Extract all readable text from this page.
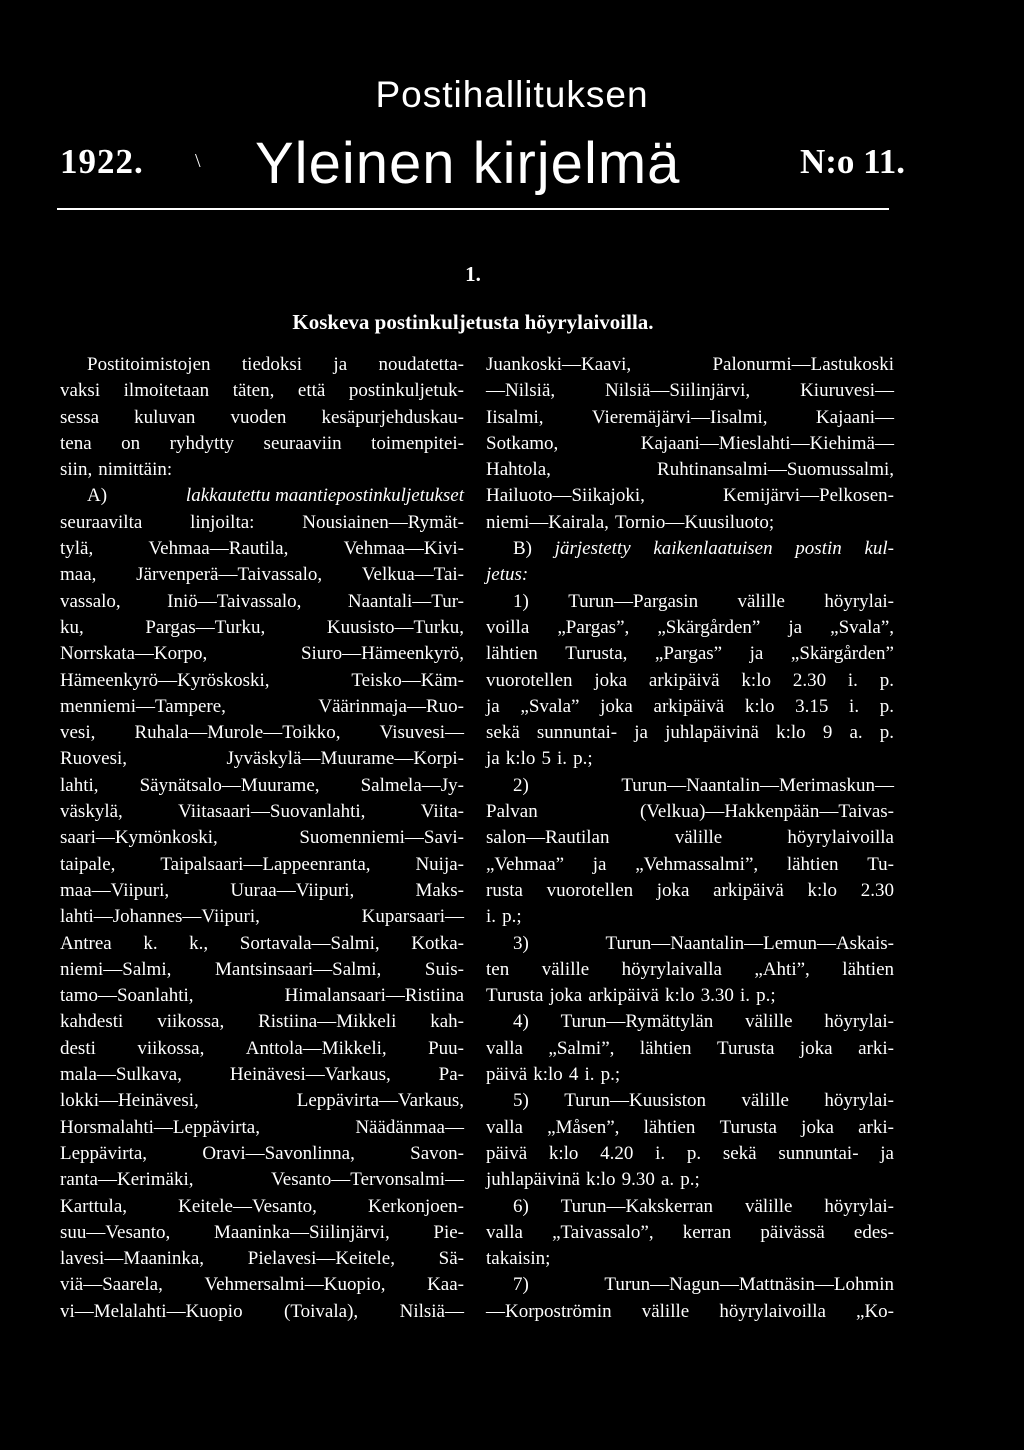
Postihallituksen
1922.	\ Yleinen kirjelmä	N:o 11.
1.
Koskeva postinkuljetusta höyrylaivoilla.
Postitoimistojen tiedoksi ja noudatetta-
vaksi ilmoitetaan täten, että postinkuljetuk-
sessa kuluvan vuoden kesäpurjehduskau-
tena on ryhdytty seuraaviin toimenpitei-
siin, nimittäin:
A)	lakkautettu maantiepostinkuljetukset
seuraavilta	linjoilta:	Nousiainen—Rymät-
tylä,	Vehmaa—Rautila,	Vehmaa—Kivi-
maa, Järvenperä—Taivassalo, Velkua—Tai-
vassalo, Iniö—Taivassalo, Naantali—Tur-
ku,	Pargas—Turku,	Kuusisto—Turku,
Norrskata—Korpo,	Siuro—Hämeenkyrö,
Hämeenkyrö—Kyröskoski,	Teisko—Käm-
menniemi—Tampere,	Väärinmaja—Ruo-
vesi, Ruhala—Murole—Toikko, Visuvesi—
Ruovesi,	Jyväskylä—Muurame—Korpi-
lahti, Säynätsalo—Muurame, Salmela—Jy-
väskylä,	Viitasaari—Suovanlahti,	Viita-
saari—Kymönkoski,	Suomenniemi—Savi-
taipale, Taipalsaari—Lappeenranta, Nuija-
maa—Viipuri,	Uuraa—Viipuri,	Maks-
lahti—Johannes—Viipuri,	Kuparsaari—
Antrea k. k., Sortavala—Salmi, Kotka-
niemi—Salmi, Mantsinsaari—Salmi, Suis-
tamo—Soanlahti,	Himalansaari—Ristiina
kahdesti viikossa, Ristiina—Mikkeli kah-
desti viikossa, Anttola—Mikkeli, Puu-
mala—Sulkava,	Heinävesi—Varkaus,	Pa-
lokki—Heinävesi,	Leppävirta—Varkaus,
Horsmalahti—Leppävirta,	Näädänmaa—
Leppävirta,	Oravi—Savonlinna,	Savon-
ranta—Kerimäki,	Vesanto—Tervonsalmi—
Karttula,	Keitele—Vesanto,	Kerkonjoen-
suu—Vesanto, Maaninka—Siilinjärvi, Pie-
lavesi—Maaninka, Pielavesi—Keitele, Sä-
viä—Saarela, Vehmersalmi—Kuopio, Kaa-
vi—Melalahti—Kuopio (Toivala), Nilsiä—
Juankoski—Kaavi,	Palonurmi—Lastukoski
—Nilsiä,	Nilsiä—Siilinjärvi,	Kiuruvesi—
Iisalmi,	Vieremäjärvi—Iisalmi,	Kajaani—
Sotkamo,	Kajaani—Mieslahti—Kiehimä—
Hahtola,	Ruhtinansalmi—Suomussalmi,
Hailuoto—Siikajoki,	Kemijärvi—Pelkosen-
niemi—Kairala, Tornio—Kuusiluoto;
B) järjestetty kaikenlaatuisen postin kul-
jetus:
1) Turun—Pargasin välille höyrylai-
voilla „Pargas”, „Skärgården” ja „Svala”,
lähtien Turusta, „Pargas” ja „Skärgården”
vuorotellen joka arkipäivä k:lo 2.30 i. p.
ja „Svala” joka arkipäivä k:lo 3.15 i. p.
sekä sunnuntai- ja juhlapäivinä k:lo 9 a. p.
ja k:lo 5 i. p.;
2)	Turun—Naantalin—Merimaskun—
Palvan	(Velkua)—Hakkenpään—Taivas-
salon—Rautilan	välille	höyrylaivoilla
„Vehmaa” ja „Vehmassalmi”, lähtien Tu-
rusta vuorotellen joka arkipäivä k:lo 2.30
i. p.;
3)	Turun—Naantalin—Lemun—Askais-
ten välille höyrylaivalla „Ahti”, lähtien
Turusta joka arkipäivä k:lo 3.30 i. p.;
4) Turun—Rymättylän välille höyrylai-
valla „Salmi”, lähtien Turusta joka arki-
päivä k:lo 4 i. p.;
5) Turun—Kuusiston välille höyrylai-
valla „Måsen”, lähtien Turusta joka arki-
päivä k:lo 4.20 i. p. sekä sunnuntai- ja
juhlapäivinä k:lo 9.30 a. p.;
6) Turun—Kakskerran välille höyrylai-
valla „Taivassalo”, kerran päivässä edes-
takaisin;
7)	Turun—Nagun—Mattnäsin—Lohmin
—Korpoströmin välille höyrylaivoilla „Ko-
